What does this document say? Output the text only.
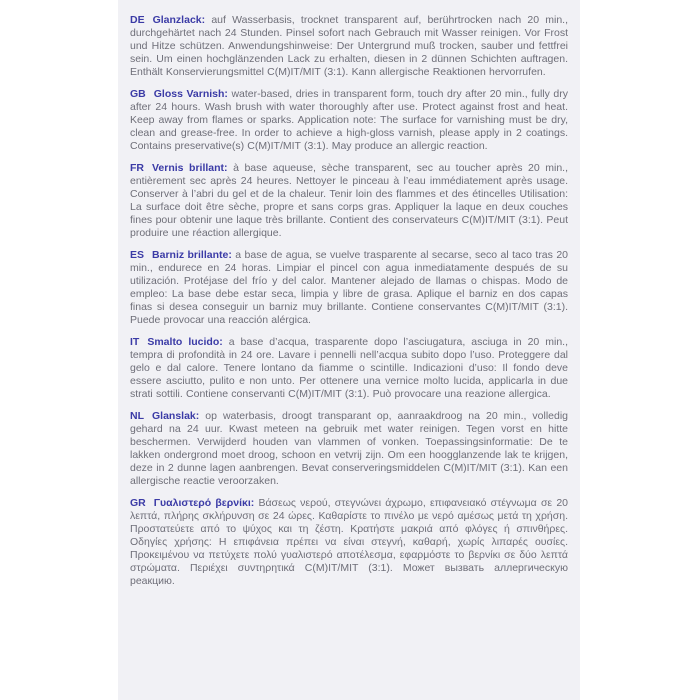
DE Glanzlack: auf Wasserbasis, trocknet transparent auf, berührtrocken nach 20 min., durchgehärtet nach 24 Stunden. Pinsel sofort nach Gebrauch mit Wasser reinigen. Vor Frost und Hitze schützen. Anwendungshinweise: Der Untergrund muß trocken, sauber und fettfrei sein. Um einen hochglänzenden Lack zu erhalten, diesen in 2 dünnen Schichten auftragen. Enthält Konservierungsmittel C(M)IT/MIT (3:1). Kann allergische Reaktionen hervorrufen.

GB Gloss Varnish: water-based, dries in transparent form, touch dry after 20 min., fully dry after 24 hours. Wash brush with water thoroughly after use. Protect against frost and heat. Keep away from flames or sparks. Application note: The surface for varnishing must be dry, clean and grease-free. In order to achieve a high-gloss varnish, please apply in 2 coatings. Contains preservative(s) C(M)IT/MIT (3:1). May produce an allergic reaction.

FR Vernis brillant: à base aqueuse, sèche transparent, sec au toucher après 20 min., entièrement sec après 24 heures. Nettoyer le pinceau à l’eau immédiatement après usage. Conserver à l’abri du gel et de la chaleur. Tenir loin des flammes et des étincelles Utilisation: La surface doit être sèche, propre et sans corps gras. Appliquer la laque en deux couches fines pour obtenir une laque très brillante. Contient des conservateurs C(M)IT/MIT (3:1). Peut produire une réaction allergique.

ES Barniz brillante: a base de agua, se vuelve trasparente al secarse, seco al taco tras 20 min., endurece en 24 horas. Limpiar el pincel con agua inmediatamente después de su utilización. Protéjase del frío y del calor. Mantener alejado de llamas o chispas. Modo de empleo: La base debe estar seca, limpia y libre de grasa. Aplique el barniz en dos capas finas si desea conseguir un barniz muy brillante. Contiene conservantes C(M)IT/MIT (3:1). Puede provocar una reacción alérgica.

IT Smalto lucido: a base d’acqua, trasparente dopo l’asciugatura, asciuga in 20 min., tempra di profondità in 24 ore. Lavare i pennelli nell’acqua subito dopo l’uso. Proteggere dal gelo e dal calore. Tenere lontano da fiamme o scintille. Indicazioni d’uso: Il fondo deve essere asciutto, pulito e non unto. Per ottenere una vernice molto lucida, applicarla in due strati sottili. Contiene conservanti C(M)IT/MIT (3:1). Può provocare una reazione allergica.

NL Glanslak: op waterbasis, droogt transparant op, aanraakdroog na 20 min., volledig gehard na 24 uur. Kwast meteen na gebruik met water reinigen. Tegen vorst en hitte beschermen. Verwijderd houden van vlammen of vonken. Toepassingsinformatie: De te lakken ondergrond moet droog, schoon en vetvrij zijn. Om een hoogglanzende lak te krijgen, deze in 2 dunne lagen aanbrengen. Bevat conserveringsmiddelen C(M)IT/MIT (3:1). Kan een allergische reactie veroorzaken.

GR Γυαλιστερό βερνίκι: Βάσεως νερού, στεγνώνει άχρωμο, επιφανειακό στέγνωμα σε 20 λεπτά, πλήρης σκλήρυνση σε 24 ώρες. Καθαρίστε το πινέλο με νερό αμέσως μετά τη χρήση. Προστατεύετε από το ψύχος και τη ζέστη. Κρατήστε μακριά από φλόγες ή σπινθήρες. Οδηγίες χρήσης: Η επιφάνεια πρέπει να είναι στεγνή, καθαρή, χωρίς λιπαρές ουσίες. Προκειμένου να πετύχετε πολύ γυαλιστερό αποτέλεσμα, εφαρμόστε το βερνίκι σε δύο λεπτά στρώματα. Περιέχει συντηρητικά C(M)IT/MIT (3:1). Может вызвать аллергическую реакцию.
